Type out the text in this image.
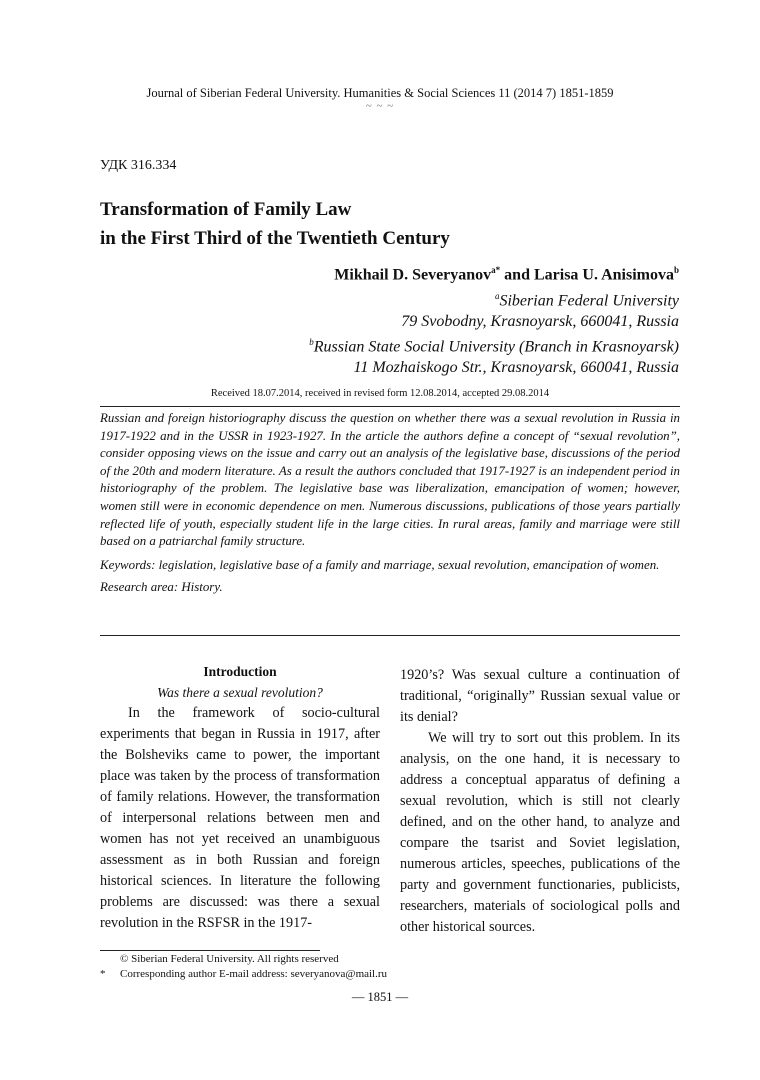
Journal of Siberian Federal University. Humanities & Social Sciences 11 (2014 7) 1851-1859
~ ~ ~
УДК 316.334
Transformation of Family Law
in the First Third of the Twentieth Century
Mikhail D. Severyanov$^{a*}$ and Larisa U. Anisimova$^b$
$^a$Siberian Federal University
79 Svobodny, Krasnoyarsk, 660041, Russia
$^b$Russian State Social University (Branch in Krasnoyarsk)
11 Mozhaiskogo Str., Krasnoyarsk, 660041, Russia
Received 18.07.2014, received in revised form 12.08.2014, accepted 29.08.2014

Russian and foreign historiography discuss the question on whether there was a sexual revolution in Russia in 1917-1922 and in the USSR in 1923-1927. In the article the authors define a concept of “sexual revolution”, consider opposing views on the issue and carry out an analysis of the legislative base, discussions of the period of the 20th and modern literature. As a result the authors concluded that 1917-1927 is an independent period in historiography of the problem. The legislative base was liberalization, emancipation of women; however, women still were in economic dependence on men. Numerous discussions, publications of those years partially reflected life of youth, especially student life in the large cities. In rural areas, family and marriage were still based on a patriarchal family structure.

Keywords: legislation, legislative base of a family and marriage, sexual revolution, emancipation of women.

Research area: History.

Introduction
Was there a sexual revolution?

In the framework of socio-cultural experiments that began in Russia in 1917, after the Bolsheviks came to power, the important place was taken by the process of transformation of family relations. However, the transformation of interpersonal relations between men and women has not yet received an unambiguous assessment as in both Russian and foreign historical sciences. In literature the following problems are discussed: was there a sexual revolution in the RSFSR in the 1917-

1920’s? Was sexual culture a continuation of traditional, “originally” Russian sexual value or its denial?

We will try to sort out this problem. In its analysis, on the one hand, it is necessary to address a conceptual apparatus of defining a sexual revolution, which is still not clearly defined, and on the other hand, to analyze and compare the tsarist and Soviet legislation, numerous articles, speeches, publications of the party and government functionaries, publicists, researchers, materials of sociological polls and other historical sources.

© Siberian Federal University. All rights reserved
* Corresponding author E-mail address: severyanova@mail.ru
— 1851 —
